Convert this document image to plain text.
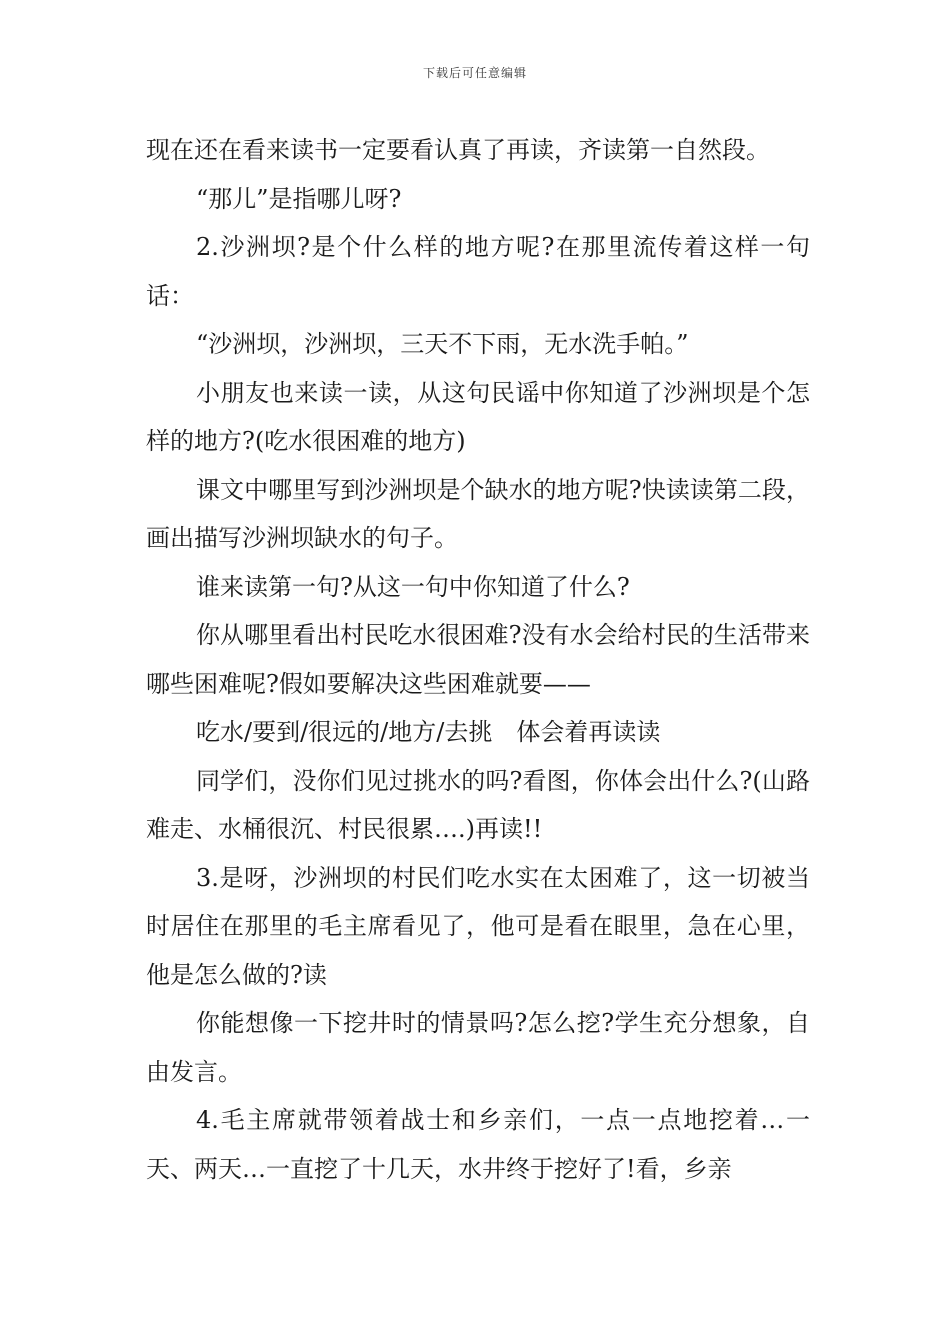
下载后可任意编辑

现在还在看来读书一定要看认真了再读，齐读第一自然段。

“那儿”是指哪儿呀?

2.沙洲坝?是个什么样的地方呢?在那里流传着这样一句话：

“沙洲坝，沙洲坝，三天不下雨，无水洗手帕。”

小朋友也来读一读，从这句民谣中你知道了沙洲坝是个怎样的地方?(吃水很困难的地方)

课文中哪里写到沙洲坝是个缺水的地方呢?快读读第二段，画出描写沙洲坝缺水的句子。

谁来读第一句?从这一句中你知道了什么?

你从哪里看出村民吃水很困难?没有水会给村民的生活带来哪些困难呢?假如要解决这些困难就要——

吃水/要到/很远的/地方/去挑　体会着再读读

同学们，没你们见过挑水的吗?看图，你体会出什么?(山路难走、水桶很沉、村民很累….)再读!!

3.是呀，沙洲坝的村民们吃水实在太困难了，这一切被当时居住在那里的毛主席看见了，他可是看在眼里，急在心里，他是怎么做的?读

你能想像一下挖井时的情景吗?怎么挖?学生充分想象，自由发言。

4.毛主席就带领着战士和乡亲们，一点一点地挖着…一天、两天…一直挖了十几天，水井终于挖好了!看，乡亲
